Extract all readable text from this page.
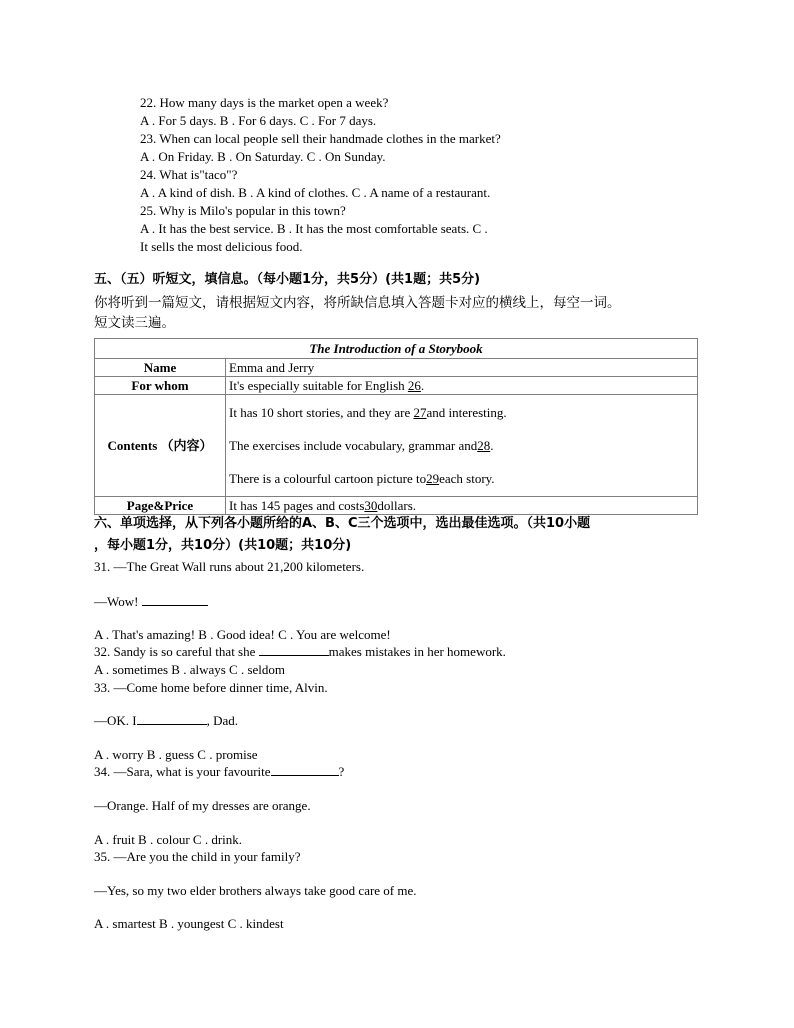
22. How many days is the market open a week?
A . For 5 days. B . For 6 days. C . For 7 days.
23. When can local people sell their handmade clothes in the market?
A . On Friday. B . On Saturday. C . On Sunday.
24. What is"taco"?
A . A kind of dish. B . A kind of clothes. C . A name of a restaurant.
25. Why is Milo's popular in this town?
A . It has the best service. B . It has the most comfortable seats. C .
It sells the most delicious food.
五、（五）听短文，填信息。（每小题1分，共5分）(共1题；共5分)
你将听到一篇短文，请根据短文内容，将所缺信息填入答题卡对应的横线上，每空一词。
短文读三遍。
The Introduction of a Storybook	
Name	Emma and Jerry
For whom	It's especially suitable for English 26.
Contents （内容）	It has 10 short stories, and they are 27and interesting.
The exercises include vocabulary, grammar and28.
There is a colourful cartoon picture to29each story.

Page&Price	It has 145 pages and costs30dollars.
六、单项选择，从下列各小题所给的A、B、C三个选项中，选出最佳选项。（共10小题
，每小题1分，共10分）(共10题；共10分)
31. —The Great Wall runs about 21,200 kilometers.
—Wow!
A . That's amazing! B . Good idea! C . You are welcome!
32. Sandy is so careful that she	makes mistakes in her homework.
A . sometimes B . always C . seldom
33. —Come home before dinner time, Alvin.
—OK. I	, Dad.
A . worry B . guess C . promise
34. —Sara, what is your favourite	?
—Orange. Half of my dresses are orange.
A . fruit B . colour C . drink.
35. —Are you the child in your family?
—Yes, so my two elder brothers always take good care of me.
A . smartest B . youngest C . kindest
